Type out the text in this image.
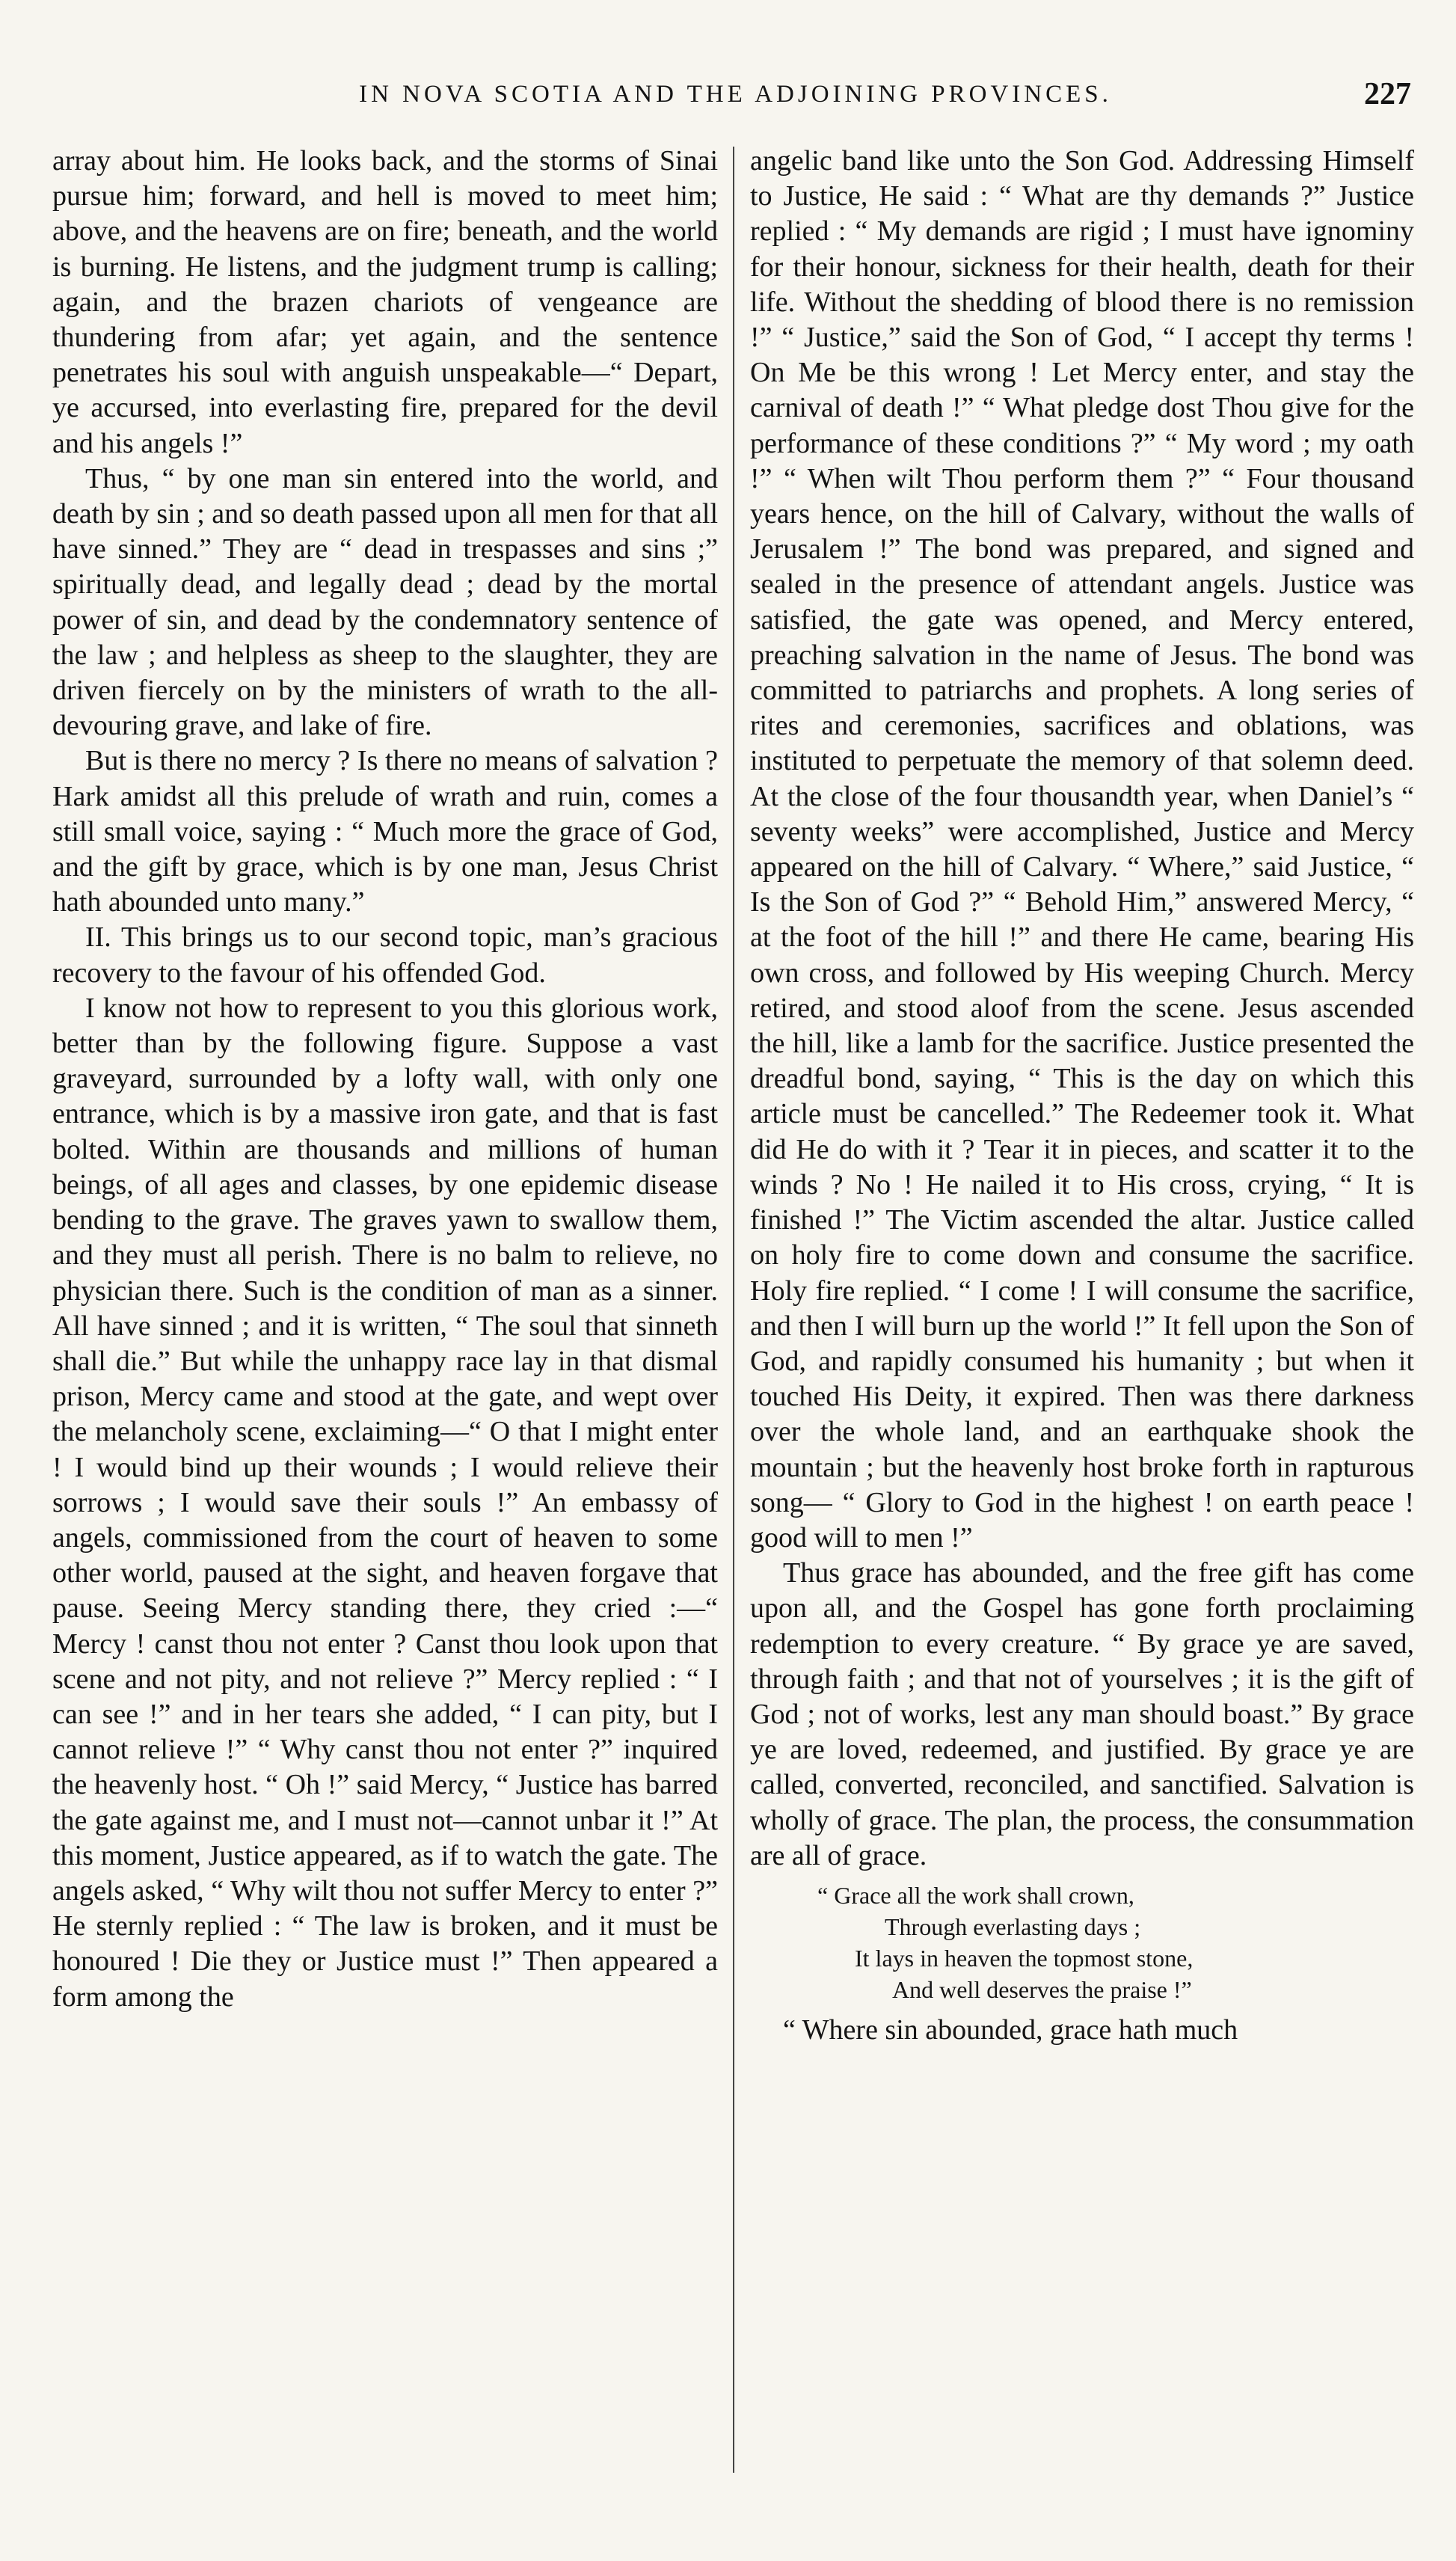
IN NOVA SCOTIA AND THE ADJOINING PROVINCES.	227

array about him. He looks back, and the storms of Sinai pursue him; forward, and hell is moved to meet him; above, and the heavens are on fire; beneath, and the world is burning. He listens, and the judgment trump is calling; again, and the brazen chariots of vengeance are thundering from afar; yet again, and the sentence penetrates his soul with anguish unspeakable—“ Depart, ye accursed, into everlasting fire, prepared for the devil and his angels !”

Thus, “ by one man sin entered into the world, and death by sin ; and so death passed upon all men for that all have sinned.” They are “ dead in trespasses and sins ;” spiritually dead, and legally dead ; dead by the mortal power of sin, and dead by the condemnatory sentence of the law ; and helpless as sheep to the slaughter, they are driven fiercely on by the ministers of wrath to the all-devouring grave, and lake of fire.

But is there no mercy ? Is there no means of salvation ? Hark amidst all this prelude of wrath and ruin, comes a still small voice, saying : “ Much more the grace of God, and the gift by grace, which is by one man, Jesus Christ hath abounded unto many.”

II. This brings us to our second topic, man’s gracious recovery to the favour of his offended God.

I know not how to represent to you this glorious work, better than by the following figure. Suppose a vast graveyard, surrounded by a lofty wall, with only one entrance, which is by a massive iron gate, and that is fast bolted. Within are thousands and millions of human beings, of all ages and classes, by one epidemic disease bending to the grave. The graves yawn to swallow them, and they must all perish. There is no balm to relieve, no physician there. Such is the condition of man as a sinner. All have sinned ; and it is written, “ The soul that sinneth shall die.” But while the unhappy race lay in that dismal prison, Mercy came and stood at the gate, and wept over the melancholy scene, exclaiming—“ O that I might enter ! I would bind up their wounds ; I would relieve their sorrows ; I would save their souls !” An embassy of angels, commissioned from the court of heaven to some other world, paused at the sight, and heaven forgave that pause. Seeing Mercy standing there, they cried :—“ Mercy ! canst thou not enter ? Canst thou look upon that scene and not pity, and not relieve ?” Mercy replied : “ I can see !” and in her tears she added, “ I can pity, but I cannot relieve !” “ Why canst thou not enter ?” inquired the heavenly host. “ Oh !” said Mercy, “ Justice has barred the gate against me, and I must not—cannot unbar it !” At this moment, Justice appeared, as if to watch the gate. The angels asked, “ Why wilt thou not suffer Mercy to enter ?” He sternly replied : “ The law is broken, and it must be honoured ! Die they or Justice must !” Then appeared a form among the

angelic band like unto the Son God. Addressing Himself to Justice, He said : “ What are thy demands ?” Justice replied : “ My demands are rigid ; I must have ignominy for their honour, sickness for their health, death for their life. Without the shedding of blood there is no remission !” “ Justice,” said the Son of God, “ I accept thy terms ! On Me be this wrong ! Let Mercy enter, and stay the carnival of death !” “ What pledge dost Thou give for the performance of these conditions ?” “ My word ; my oath !” “ When wilt Thou perform them ?” “ Four thousand years hence, on the hill of Calvary, without the walls of Jerusalem !” The bond was prepared, and signed and sealed in the presence of attendant angels. Justice was satisfied, the gate was opened, and Mercy entered, preaching salvation in the name of Jesus. The bond was committed to patriarchs and prophets. A long series of rites and ceremonies, sacrifices and oblations, was instituted to perpetuate the memory of that solemn deed. At the close of the four thousandth year, when Daniel’s “ seventy weeks” were accomplished, Justice and Mercy appeared on the hill of Calvary. “ Where,” said Justice, “ Is the Son of God ?” “ Behold Him,” answered Mercy, “ at the foot of the hill !” and there He came, bearing His own cross, and followed by His weeping Church. Mercy retired, and stood aloof from the scene. Jesus ascended the hill, like a lamb for the sacrifice. Justice presented the dreadful bond, saying, “ This is the day on which this article must be cancelled.” The Redeemer took it. What did He do with it ? Tear it in pieces, and scatter it to the winds ? No ! He nailed it to His cross, crying, “ It is finished !” The Victim ascended the altar. Justice called on holy fire to come down and consume the sacrifice. Holy fire replied. “ I come ! I will consume the sacrifice, and then I will burn up the world !” It fell upon the Son of God, and rapidly consumed his humanity ; but when it touched His Deity, it expired. Then was there darkness over the whole land, and an earthquake shook the mountain ; but the heavenly host broke forth in rapturous song— “ Glory to God in the highest ! on earth peace ! good will to men !”

Thus grace has abounded, and the free gift has come upon all, and the Gospel has gone forth proclaiming redemption to every creature. “ By grace ye are saved, through faith ; and that not of yourselves ; it is the gift of God ; not of works, lest any man should boast.” By grace ye are loved, redeemed, and justified. By grace ye are called, converted, reconciled, and sanctified. Salvation is wholly of grace. The plan, the process, the consummation are all of grace.

“ Grace all the work shall crown,
Through everlasting days ;
It lays in heaven the topmost stone,
And well deserves the praise !”

“ Where sin abounded, grace hath much
